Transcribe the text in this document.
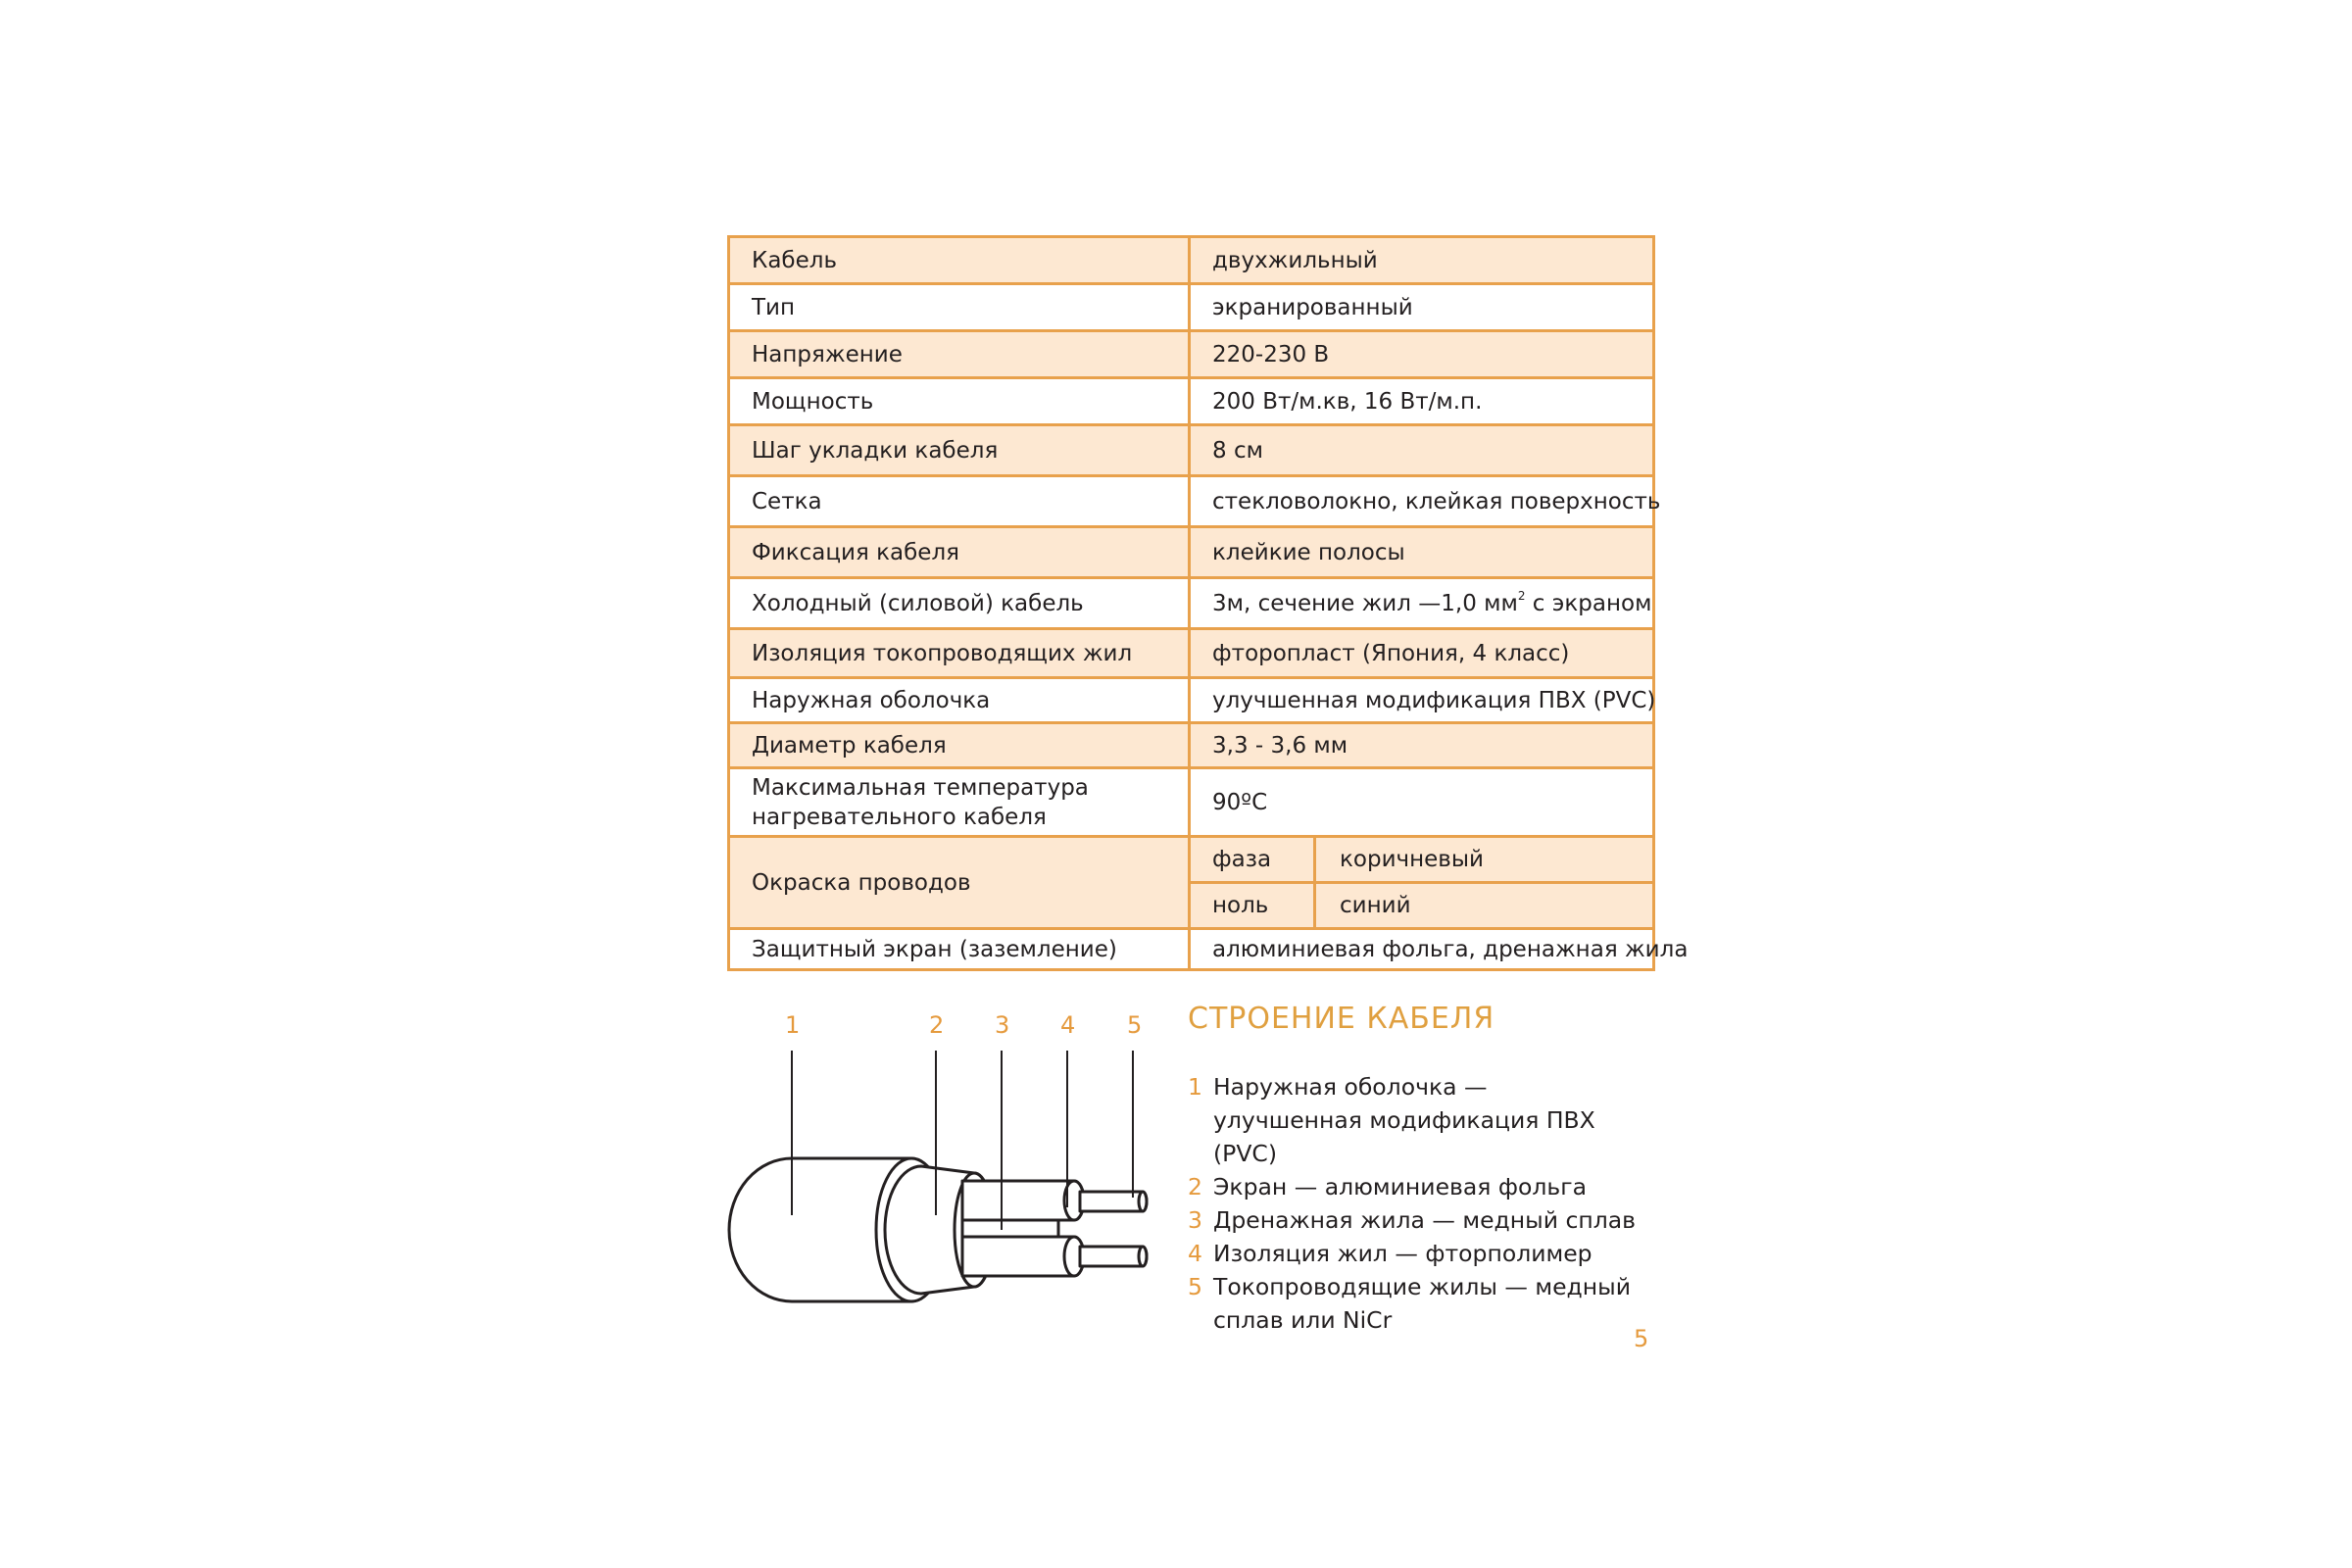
Кабель	двухжильный	
Тип	экранированный	
Напряжение	220-230 В	
Мощность	200 Вт/м.кв, 16 Вт/м.п.	
Шаг укладки кабеля	8 см	
Сетка	стекловолокно, клейкая поверхность	
Фиксация кабеля	клейкие полосы	
Холодный (силовой) кабель	3м, сечение жил —1,0 $мм^2$ с экраном	
Изоляция токопроводящих жил	фторопласт (Япония, 4 класс)	
Наружная оболочка	улучшенная модификация ПВХ (PVC)	
Диаметр кабеля	3,3 - 3,6 мм	
Максимальная температура нагревательного кабеля	90ºС	
Окраска проводов	фаза	коричневый
	ноль	синий
Защитный экран (заземление)	алюминиевая фольга, дренажная жила	
1	2 3 4 5 СТРОЕНИЕ КАБЕЛЯ
1 Наружная оболочка — улучшенная модификация ПВХ (PVC)
2 Экран — алюминиевая фольга
3 Дренажная жила — медный сплав
4 Изоляция жил — фторполимер
5 Токопроводящие жилы — медный сплав или NiCr
5
